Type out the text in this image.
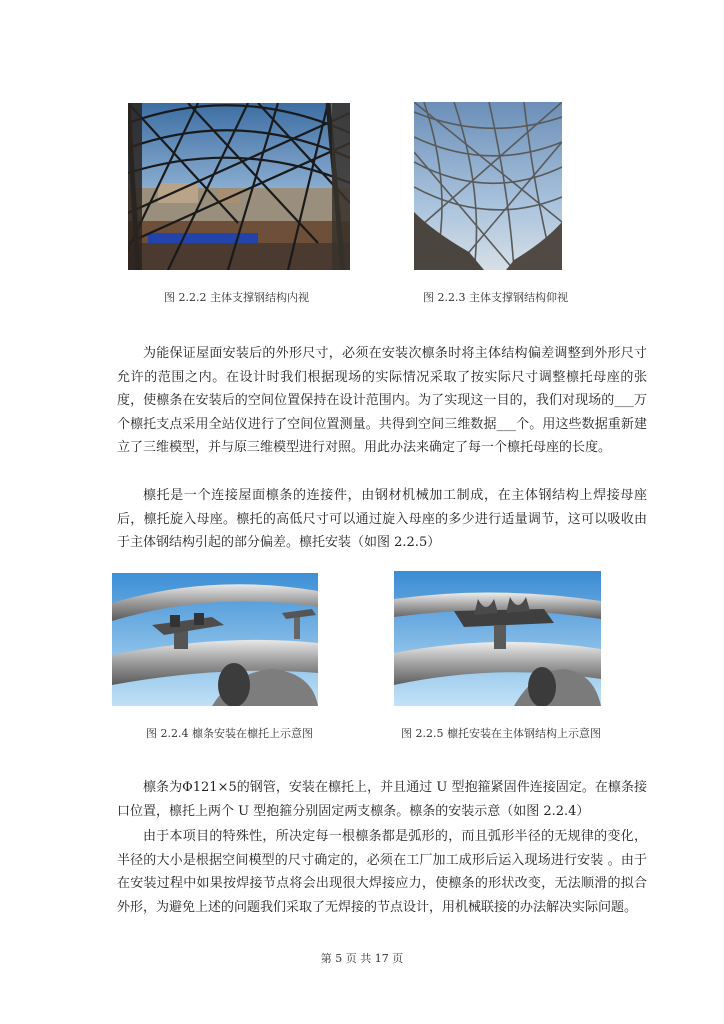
图 2.2.2 主体支撑钢结构内视	图 2.2.3 主体支撑钢结构仰视

为能保证屋面安装后的外形尺寸，必须在安装次檩条时将主体结构偏差调整到外形尺寸允许的范围之内。在设计时我们根据现场的实际情况采取了按实际尺寸调整檩托母座的张度，使檩条在安装后的空间位置保持在设计范围内。为了实现这一目的，我们对现场的___万个檩托支点采用全站仪进行了空间位置测量。共得到空间三维数据___个。用这些数据重新建立了三维模型，并与原三维模型进行对照。用此办法来确定了每一个檩托母座的长度。

檩托是一个连接屋面檩条的连接件，由钢材机械加工制成，在主体钢结构上焊接母座后，檩托旋入母座。檩托的高低尺寸可以通过旋入母座的多少进行适量调节，这可以吸收由于主体钢结构引起的部分偏差。檩托安装（如图 2.2.5）

图 2.2.4 檩条安装在檩托上示意图	图 2.2.5 檩托安装在主体钢结构上示意图

檩条为Φ121×5的钢管，安装在檩托上，并且通过 U 型抱箍紧固件连接固定。在檩条接口位置，檩托上两个 U 型抱箍分别固定两支檩条。檩条的安装示意（如图 2.2.4）

由于本项目的特殊性，所决定每一根檩条都是弧形的，而且弧形半径的无规律的变化，半径的大小是根据空间模型的尺寸确定的，必须在工厂加工成形后运入现场进行安装 。由于在安装过程中如果按焊接节点将会出现很大焊接应力，使檩条的形状改变，无法顺滑的拟合外形，为避免上述的问题我们采取了无焊接的节点设计，用机械联接的办法解决实际问题。

第 5 页 共 17 页
